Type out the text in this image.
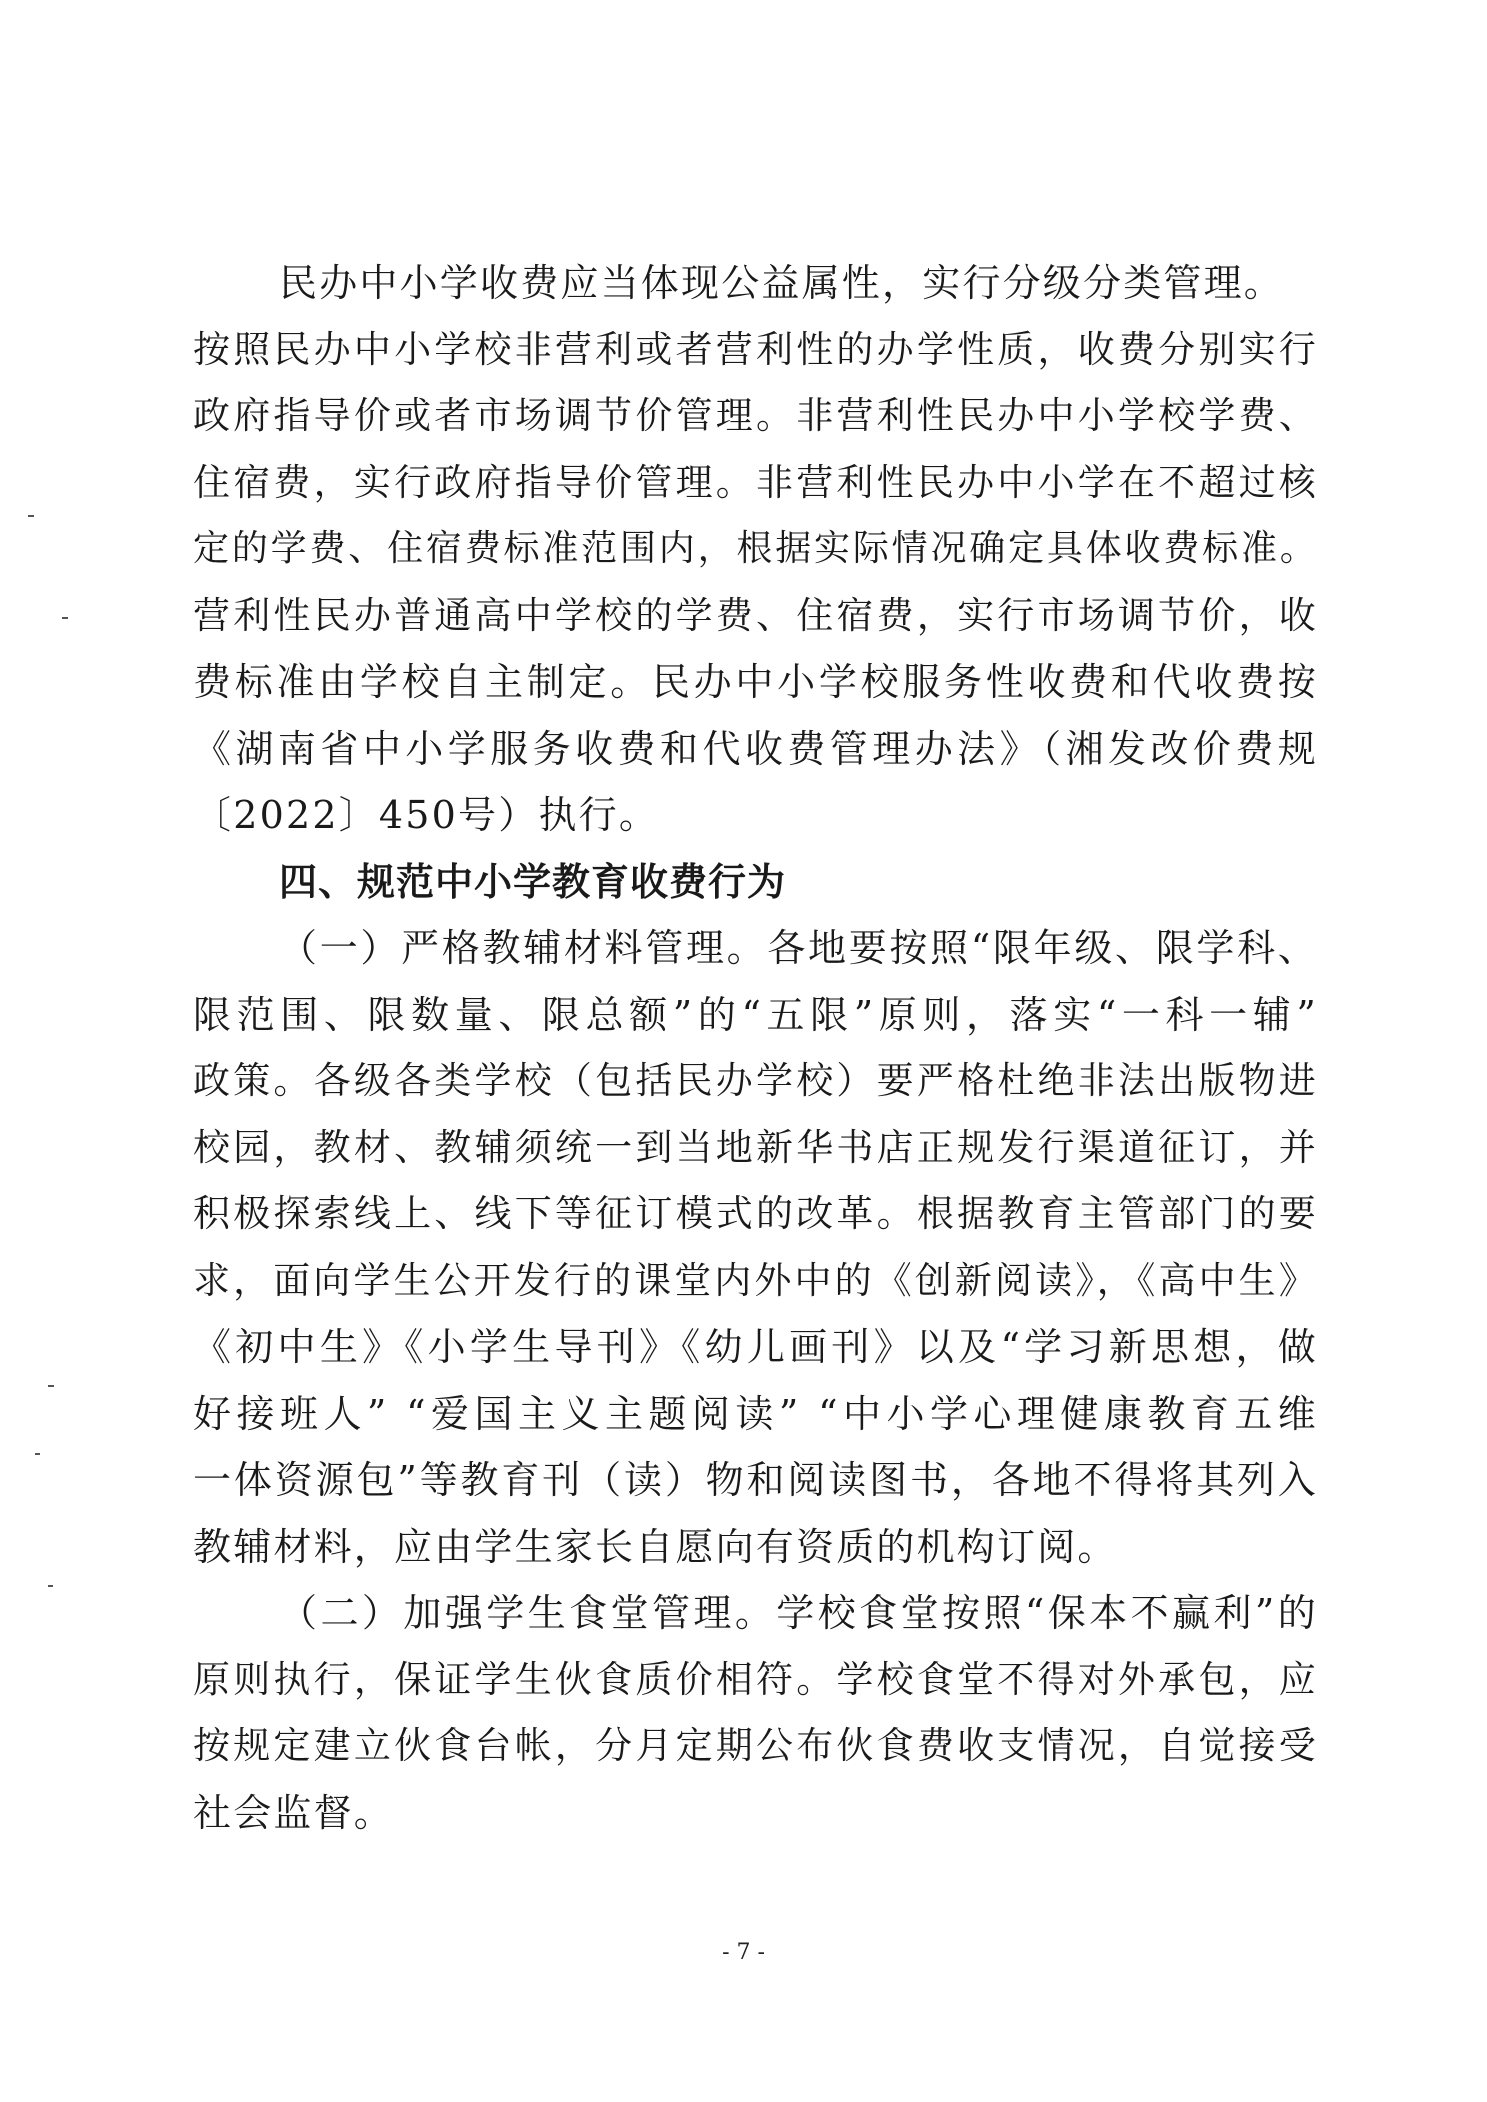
民办中小学收费应当体现公益属性，实行分级分类管理。
按照民办中小学校非营利或者营利性的办学性质，收费分别实行
政府指导价或者市场调节价管理。非营利性民办中小学校学费、
住宿费，实行政府指导价管理。非营利性民办中小学在不超过核
定的学费、住宿费标准范围内，根据实际情况确定具体收费标准。
营利性民办普通高中学校的学费、住宿费，实行市场调节价，收
费标准由学校自主制定。民办中小学校服务性收费和代收费按
《湖南省中小学服务收费和代收费管理办法》（湘发改价费规
〔2022〕450号）执行。
四、规范中小学教育收费行为
（一）严格教辅材料管理。各地要按照“限年级、限学科、
限范围、限数量、限总额”的“五限”原则，落实“一科一辅”
政策。各级各类学校（包括民办学校）要严格杜绝非法出版物进
校园，教材、教辅须统一到当地新华书店正规发行渠道征订，并
积极探索线上、线下等征订模式的改革。根据教育主管部门的要
求，面向学生公开发行的课堂内外中的《创新阅读》，《高中生》
《初中生》《小学生导刊》《幼儿画刊》以及“学习新思想，做
好接班人” “爱国主义主题阅读” “中小学心理健康教育五维
一体资源包”等教育刊（读）物和阅读图书，各地不得将其列入
教辅材料，应由学生家长自愿向有资质的机构订阅。
（二）加强学生食堂管理。学校食堂按照“保本不赢利”的
原则执行，保证学生伙食质价相符。学校食堂不得对外承包，应
按规定建立伙食台帐，分月定期公布伙食费收支情况，自觉接受
社会监督。
- 7 -
